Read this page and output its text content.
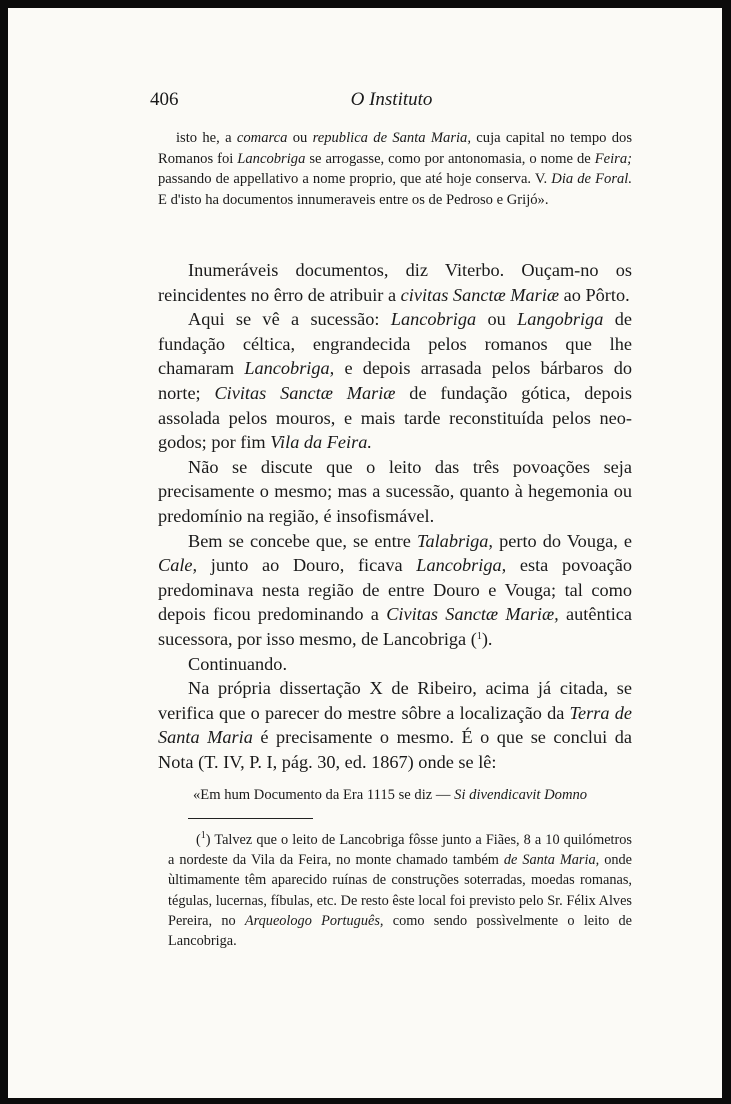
406	O Instituto

isto he, a comarca ou republica de Santa Maria, cuja capital no tempo dos Romanos foi Lancobriga se arrogasse, como por antonomasia, o nome de Feira; passando de appellativo a nome proprio, que até hoje conserva. V. Dia de Foral. E d'isto ha documentos innumeraveis entre os de Pedroso e Grijó».

Inumeráveis documentos, diz Viterbo. Ouçam-no os reincidentes no êrro de atribuir a civitas Sanctæ Mariæ ao Pôrto.

Aqui se vê a sucessão: Lancobriga ou Langobriga de fundação céltica, engrandecida pelos romanos que lhe chamaram Lancobriga, e depois arrasada pelos bárbaros do norte; Civitas Sanctæ Mariæ de fundação gótica, depois assolada pelos mouros, e mais tarde reconstituída pelos neo-godos; por fim Vila da Feira.

Não se discute que o leito das três povoações seja precisamente o mesmo; mas a sucessão, quanto à hegemonia ou predomínio na região, é insofismável.

Bem se concebe que, se entre Talabriga, perto do Vouga, e Cale, junto ao Douro, ficava Lancobriga, esta povoação predominava nesta região de entre Douro e Vouga; tal como depois ficou predominando a Civitas Sanctæ Mariæ, autêntica sucessora, por isso mesmo, de Lancobriga ($^1$).

Continuando.

Na própria dissertação X de Ribeiro, acima já citada, se verifica que o parecer do mestre sôbre a localização da Terra de Santa Maria é precisamente o mesmo. É o que se conclui da Nota (T. IV, P. I, pág. 30, ed. 1867) onde se lê:

«Em hum Documento da Era 1115 se diz — Si divendicavit Domno

($^1$) Talvez que o leito de Lancobriga fôsse junto a Fiães, 8 a 10 quilómetros a nordeste da Vila da Feira, no monte chamado também de Santa Maria, onde ùltimamente têm aparecido ruínas de construções soterradas, moedas romanas, tégulas, lucernas, fíbulas, etc. De resto êste local foi previsto pelo Sr. Félix Alves Pereira, no Arqueologo Português, como sendo possìvelmente o leito de Lancobriga.
